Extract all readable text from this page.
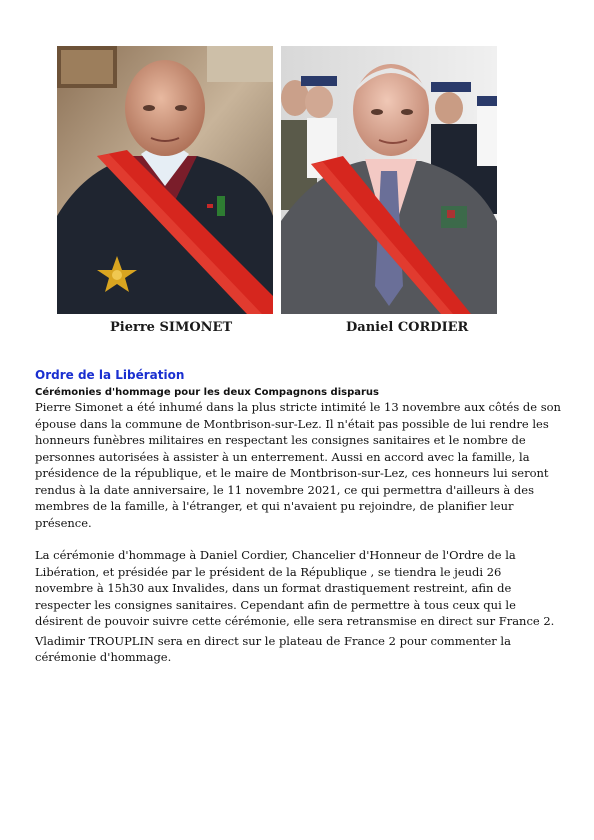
Pierre SIMONET	Daniel CORDIER
Ordre de la Libération
Cérémonies d'hommage pour les deux Compagnons disparus

Pierre Simonet a été inhumé dans la plus stricte intimité le 13 novembre aux côtés de son épouse dans la commune de Montbrison-sur-Lez. Il n'était pas possible de lui rendre les honneurs funèbres militaires en respectant les consignes sanitaires et le nombre de personnes autorisées à assister à un enterrement. Aussi en accord avec la famille, la présidence de la république, et le maire de Montbrison-sur-Lez, ces honneurs lui seront rendus à la date anniversaire, le 11 novembre 2021, ce qui permettra d'ailleurs à des membres de la famille, à l'étranger, et qui n'avaient pu rejoindre, de planifier leur présence.

La cérémonie d'hommage à Daniel Cordier, Chancelier d'Honneur de l'Ordre de la Libération, et présidée par le président de la République , se tiendra le jeudi 26 novembre à 15h30 aux Invalides, dans un format drastiquement restreint, afin de respecter les consignes sanitaires. Cependant afin de permettre à tous ceux qui le désirent de pouvoir suivre cette cérémonie, elle sera retransmise en direct sur France 2.

Vladimir TROUPLIN sera en direct sur le plateau de France 2 pour commenter la cérémonie d'hommage.
